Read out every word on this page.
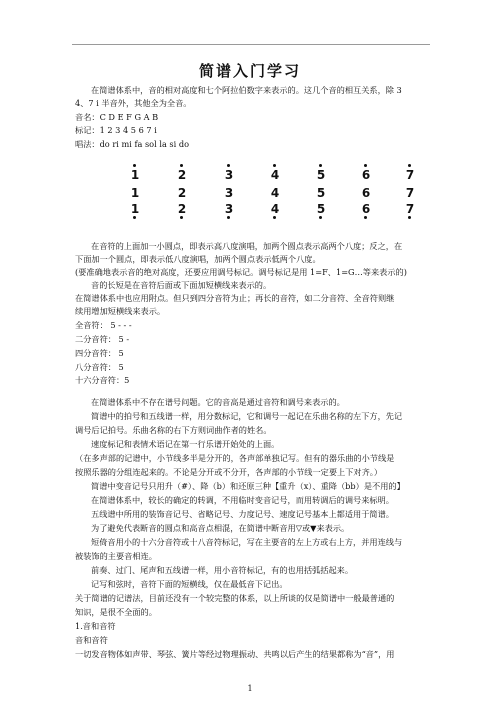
简谱入门学习
在简谱体系中，音的相对高度和七个阿拉伯数字来表示的。这几个音的相互关系，除 3
4、7 i 半音外，其他全为全音。
音名：C D E F G A B
标记：1 2 3 4 5 6 7 i
唱法：do ri mi fa sol la si do
1	2	3	4	5	6	7
1	2	3	4	5	6	7
1	2	3	4	5	6	7
在音符的上面加一小圆点，即表示高八度演唱，加两个圆点表示高两个八度；反之，在
下面加一个圆点，即表示低八度演唱，加两个圆点表示低两个八度。
(要准确地表示音的绝对高度，还要应用调号标记。调号标记是用 1=F、1=G…等来表示的)
音的长短是在音符后面或下面加短横线来表示的。
在简谱体系中也应用附点。但只到四分音符为止；再长的音符，如二分音符、全音符则继
续用增加短横线来表示。
全音符： 5 - - -
二分音符： 5 -
四分音符： 5
八分音符： 5
十六分音符：5
在简谱体系中不存在谱号问题。它的音高是通过音符和调号来表示的。
简谱中的拍号和五线谱一样，用分数标记，它和调号一起记在乐曲名称的左下方，先记
调号后记拍号。乐曲名称的右下方则词曲作者的姓名。
速度标记和表情术语记在第一行乐谱开始处的上面。
（在多声部的记谱中，小节线多半是分开的，各声部单独记写。但有的器乐曲的小节线是
按照乐器的分组连起来的。不论是分开或不分开，各声部的小节线一定要上下对齐。）
简谱中变音记号只用升（#）、降（b）和还原三种【重升（x）、重降（bb）是不用的】
在简谱体系中，较长的确定的转调，不用临时变音记号，而用转调后的调号来标明。
五线谱中所用的装饰音记号、省略记号、力度记号、速度记号基本上都适用于简谱。
为了避免代表断音的圆点和高音点相混，在简谱中断音用▽或▼来表示。
短倚音用小的十六分音符或十八音符标记，写在主要音的左上方或右上方，并用连线与
被装饰的主要音相连。
前奏、过门、尾声和五线谱一样，用小音符标记，有的也用括弧括起来。
记写和弦时，音符下面的短横线，仅在最低音下记出。
关于简谱的记谱法，目前还没有一个较完整的体系，以上所谈的仅是简谱中一般最普通的
知识，是很不全面的。
1.音和音符
音和音符
一切发音物体如声带、琴弦、簧片等经过物理振动、共鸣以后产生的结果都称为“音”，用
1
